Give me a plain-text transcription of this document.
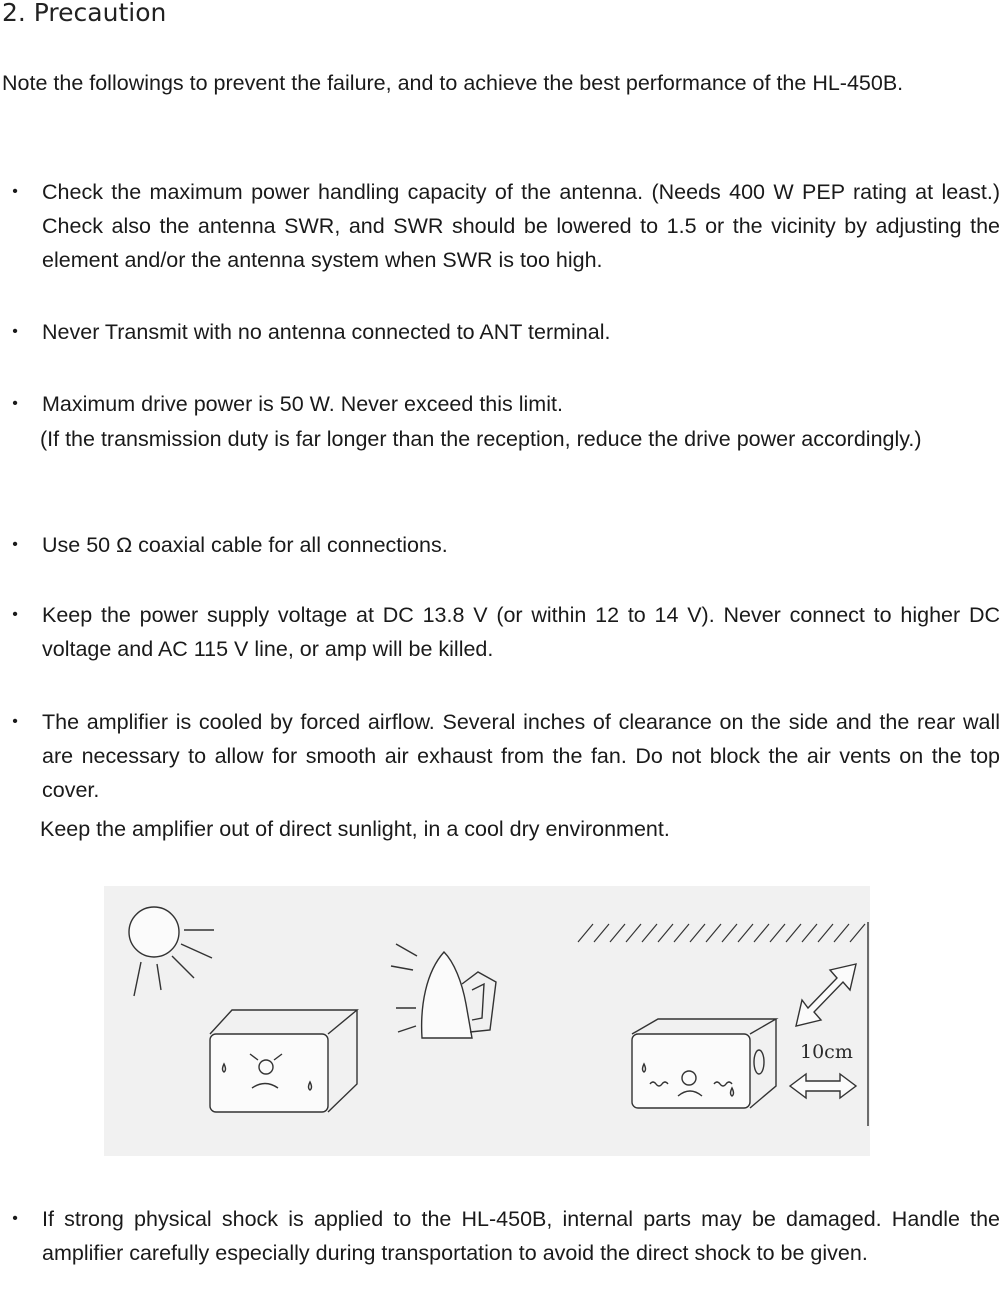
2. Precaution
Note the followings to prevent the failure, and to achieve the best performance of the HL-450B.
• Check the maximum power handling capacity of the antenna. (Needs 400 W PEP rating at least.) Check also the antenna SWR, and SWR should be lowered to 1.5 or the vicinity by adjusting the element and/or the antenna system when SWR is too high.
• Never Transmit with no antenna connected to ANT terminal.
• Maximum drive power is 50 W. Never exceed this limit.
(If the transmission duty is far longer than the reception, reduce the drive power accordingly.)
• Use 50 Ω coaxial cable for all connections.
• Keep the power supply voltage at DC 13.8 V (or within 12 to 14 V). Never connect to higher DC voltage and AC 115 V line, or amp will be killed.
• The amplifier is cooled by forced airflow. Several inches of clearance on the side and the rear wall are necessary to allow for smooth air exhaust from the fan. Do not block the air vents on the top cover.
Keep the amplifier out of direct sunlight, in a cool dry environment.
10cm
• If strong physical shock is applied to the HL-450B, internal parts may be damaged. Handle the amplifier carefully especially during transportation to avoid the direct shock to be given.
